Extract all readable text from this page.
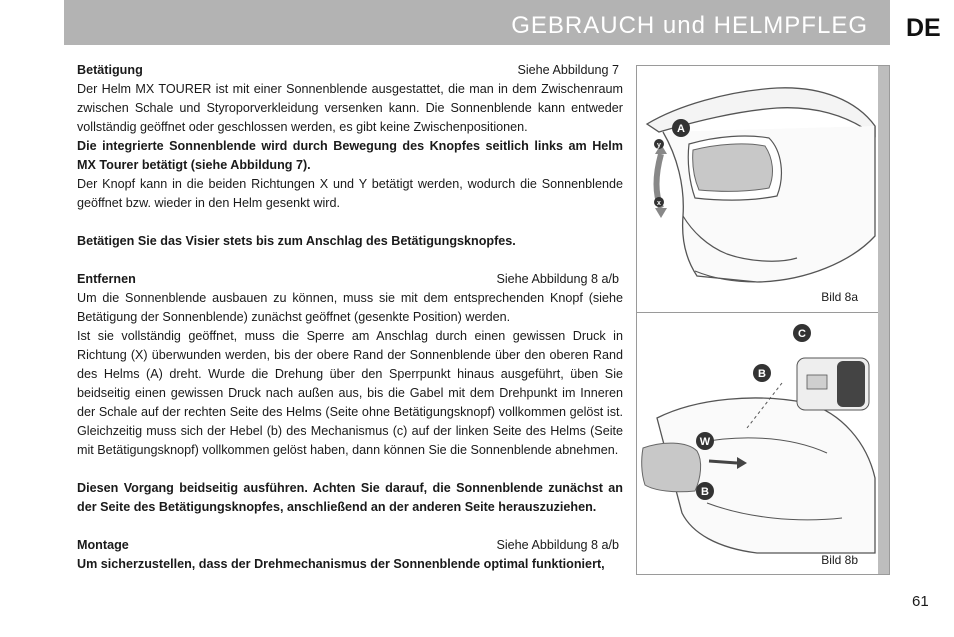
GEBRAUCH und HELMPFLEG DE
Betätigung	Siehe Abbildung 7

Der Helm MX TOURER ist mit einer Sonnenblende ausgestattet, die man in dem Zwischenraum zwischen Schale und Styroporverkleidung versenken kann. Die Sonnenblende kann entweder vollständig geöffnet oder geschlossen werden, es gibt keine Zwischenpositionen.

Die integrierte Sonnenblende wird durch Bewegung des Knopfes seitlich links am Helm MX Tourer betätigt (siehe Abbildung 7).

Der Knopf kann in die beiden Richtungen X und Y betätigt werden, wodurch die Sonnenblende geöffnet bzw. wieder in den Helm gesenkt wird.

Betätigen Sie das Visier stets bis zum Anschlag des Betätigungsknopfes.

Entfernen	Siehe Abbildung 8 a/b

Um die Sonnenblende ausbauen zu können, muss sie mit dem entsprechenden Knopf (siehe Betätigung der Sonnenblende) zunächst geöffnet (gesenkte Position) werden.

Ist sie vollständig geöffnet, muss die Sperre am Anschlag durch einen gewissen Druck in Richtung (X) überwunden werden, bis der obere Rand der Sonnenblende über den oberen Rand des Helms (A) dreht. Wurde die Drehung über den Sperrpunkt hinaus ausgeführt, üben Sie beidseitig einen gewissen Druck nach außen aus, bis die Gabel mit dem Drehpunkt im Inneren der Schale auf der rechten Seite des Helms (Seite ohne Betätigungsknopf) vollkommen gelöst ist. Gleichzeitig muss sich der Hebel (b) des Mechanismus (c) auf der linken Seite des Helms (Seite mit Betätigungsknopf) vollkommen gelöst haben, dann können Sie die Sonnenblende abnehmen.

Diesen Vorgang beidseitig ausführen. Achten Sie darauf, die Sonnenblende zunächst an der Seite des Betätigungsknopfes, anschließend an der anderen Seite herauszuziehen.

Montage	Siehe Abbildung 8 a/b

Um sicherzustellen, dass der Drehmechanismus der Sonnenblende optimal funktioniert,

A
y
x
Bild 8a
B
C
W
B
Bild 8b
61
